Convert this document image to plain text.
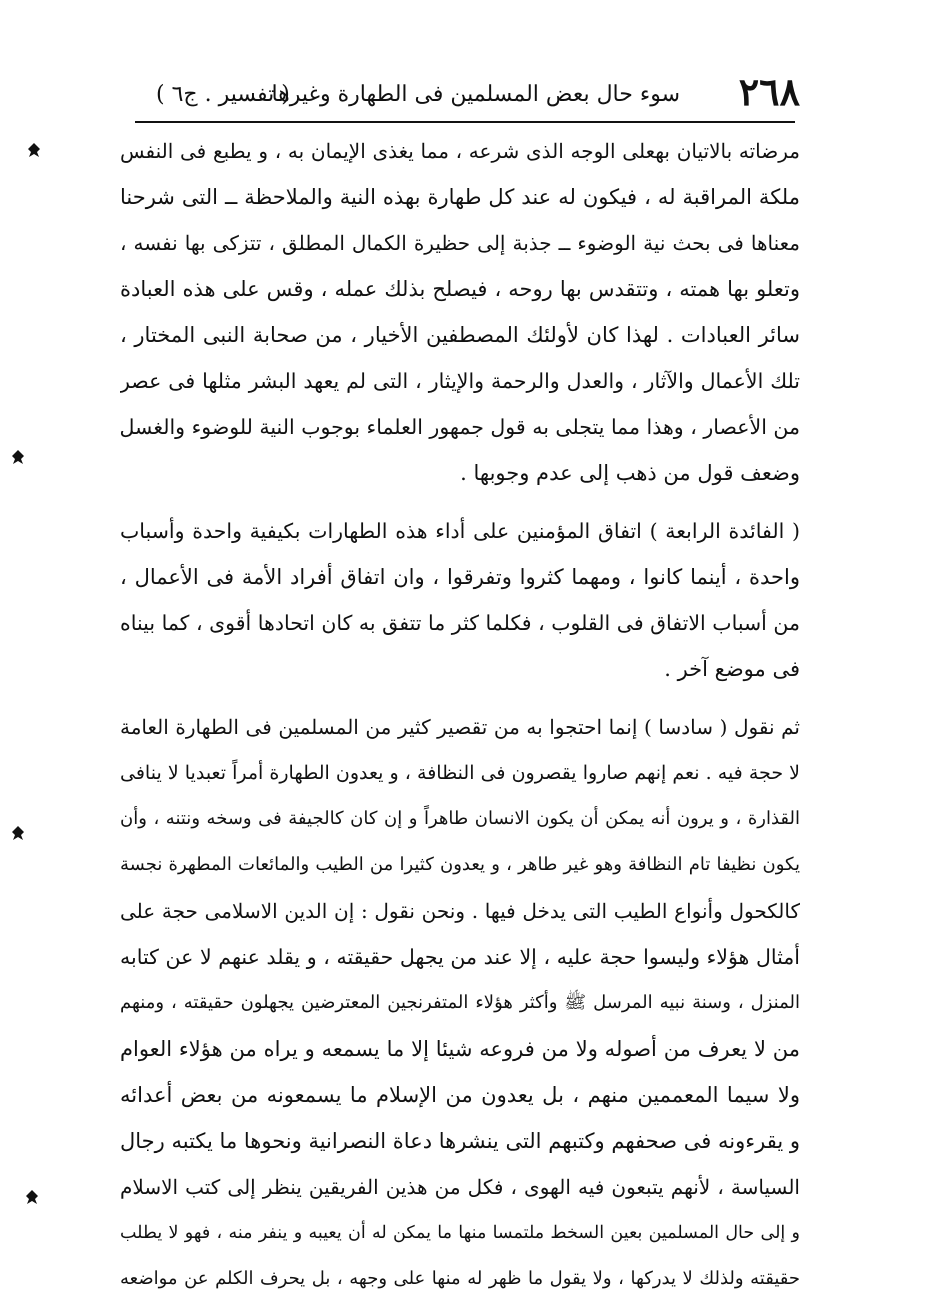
٢٦٨
سوء حال بعض المسلمين فى الطهارة وغيرها
( تفسير . ج٦ )
مرضاته بالاتيان بهعلى الوجه الذى شرعه ، مما يغذى الإيمان به ، و يطبع فى النفس
ملكة المراقبة له ، فيكون له عند كل طهارة بهذه النية والملاحظة ــ التى شرحنا
معناها فى بحث نية الوضوء ــ جذبة إلى حظيرة الكمال المطلق ، تتزكى بها نفسه ،
وتعلو بها همته ، وتتقدس بها روحه ، فيصلح بذلك عمله ، وقس على هذه العبادة
سائر العبادات . لهذا كان لأولئك المصطفين الأخيار ، من صحابة النبى المختار ،
تلك الأعمال والآثار ، والعدل والرحمة والإيثار ، التى لم يعهد البشر مثلها فى عصر
من الأعصار ، وهذا مما يتجلى به قول جمهور العلماء بوجوب النية للوضوء والغسل
وضعف قول من ذهب إلى عدم وجوبها .
( الفائدة الرابعة ) اتفاق المؤمنين على أداء هذه الطهارات بكيفية واحدة وأسباب
واحدة ، أينما كانوا ، ومهما كثروا وتفرقوا ، وان اتفاق أفراد الأمة فى الأعمال ،
من أسباب الاتفاق فى القلوب ، فكلما كثر ما تتفق به كان اتحادها أقوى ، كما بيناه
فى موضع آخر .
ثم نقول ( سادسا ) إنما احتجوا به من تقصير كثير من المسلمين فى الطهارة العامة
لا حجة فيه . نعم إنهم صاروا يقصرون فى النظافة ، و يعدون الطهارة أمراً تعبديا لا ينافى
القذارة ، و يرون أنه يمكن أن يكون الانسان طاهراً و إن كان كالجيفة فى وسخه ونتنه ، وأن
يكون نظيفا تام النظافة وهو غير طاهر ، و يعدون كثيرا من الطيب والمائعات المطهرة نجسة
كالكحول وأنواع الطيب التى يدخل فيها . ونحن نقول : إن الدين الاسلامى حجة على
أمثال هؤلاء وليسوا حجة عليه ، إلا عند من يجهل حقيقته ، و يقلد عنهم لا عن كتابه
المنزل ، وسنة نبيه المرسل ﷺ وأكثر هؤلاء المتفرنجين المعترضين يجهلون حقيقته ، ومنهم
من لا يعرف من أصوله ولا من فروعه شيئا إلا ما يسمعه و يراه من هؤلاء العوام
ولا سيما المعممين منهم ، بل يعدون من الإسلام ما يسمعونه من بعض أعدائه
و يقرءونه فى صحفهم وكتبهم التى ينشرها دعاة النصرانية ونحوها ما يكتبه رجال
السياسة ، لأنهم يتبعون فيه الهوى ، فكل من هذين الفريقين ينظر إلى كتب الاسلام
و إلى حال المسلمين بعين السخط ملتمسا منها ما يمكن له أن يعيبه و ينفر منه ، فهو لا يطلب
حقيقته ولذلك لا يدركها ، ولا يقول ما ظهر له منها على وجهه ، بل يحرف الكلم عن مواضعه
